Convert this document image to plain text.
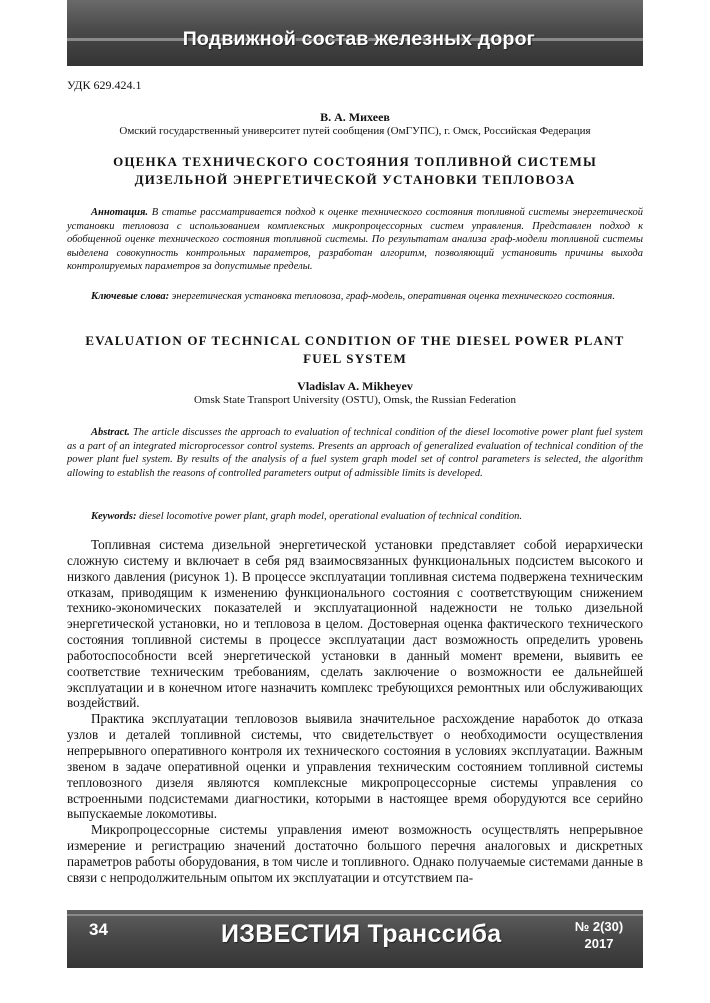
Подвижной состав железных дорог
УДК 629.424.1
В. А. Михеев
Омский государственный университет путей сообщения (ОмГУПС), г. Омск, Российская Федерация
ОЦЕНКА ТЕХНИЧЕСКОГО СОСТОЯНИЯ ТОПЛИВНОЙ СИСТЕМЫ
ДИЗЕЛЬНОЙ ЭНЕРГЕТИЧЕСКОЙ УСТАНОВКИ ТЕПЛОВОЗА
Аннотация. В статье рассматривается подход к оценке технического состояния топливной системы энергетической установки тепловоза с использованием комплексных микропроцессорных систем управления. Представлен подход к обобщенной оценке технического состояния топливной системы. По результатам анализа граф-модели топливной системы выделена совокупность контрольных параметров, разработан алгоритм, позволяющий установить причины выхода контролируемых параметров за допустимые пределы.
Ключевые слова: энергетическая установка тепловоза, граф-модель, оперативная оценка технического состояния.
EVALUATION OF TECHNICAL CONDITION OF THE DIESEL POWER PLANT
FUEL SYSTEM
Vladislav A. Mikheyev
Omsk State Transport University (OSTU), Omsk, the Russian Federation
Abstract. The article discusses the approach to evaluation of technical condition of the diesel locomotive power plant fuel system as a part of an integrated microprocessor control systems. Presents an approach of generalized evaluation of technical condition of the power plant fuel system. By results of the analysis of a fuel system graph model set of control parameters is selected, the algorithm allowing to establish the reasons of controlled parameters output of admissible limits is developed.
Keywords: diesel locomotive power plant, graph model, operational evaluation of technical condition.

Топливная система дизельной энергетической установки представляет собой иерархически сложную систему и включает в себя ряд взаимосвязанных функциональных подсистем высокого и низкого давления (рисунок 1). В процессе эксплуатации топливная система подвержена техническим отказам, приводящим к изменению функционального состояния с соответствующим снижением технико-экономических показателей и эксплуатационной надежности не только дизельной энергетической установки, но и тепловоза в целом. Достоверная оценка фактического технического состояния топливной системы в процессе эксплуатации даст возможность определить уровень работоспособности всей энергетической установки в данный момент времени, выявить ее соответствие техническим требованиям, сделать заключение о возможности ее дальнейшей эксплуатации и в конечном итоге назначить комплекс требующихся ремонтных или обслуживающих воздействий.

Практика эксплуатации тепловозов выявила значительное расхождение наработок до отказа узлов и деталей топливной системы, что свидетельствует о необходимости осуществления непрерывного оперативного контроля их технического состояния в условиях эксплуатации. Важным звеном в задаче оперативной оценки и управления техническим состоянием топливной системы тепловозного дизеля являются комплексные микропроцессорные системы управления со встроенными подсистемами диагностики, которыми в настоящее время оборудуются все серийно выпускаемые локомотивы.

Микропроцессорные системы управления имеют возможность осуществлять непрерывное измерение и регистрацию значений достаточно большого перечня аналоговых и дискретных параметров работы оборудования, в том числе и топливного. Однако получаемые системами данные в связи с непродолжительным опытом их эксплуатации и отсутствием па-

34	ИЗВЕСТИЯ Транссиба	№ 2(30)
2017
